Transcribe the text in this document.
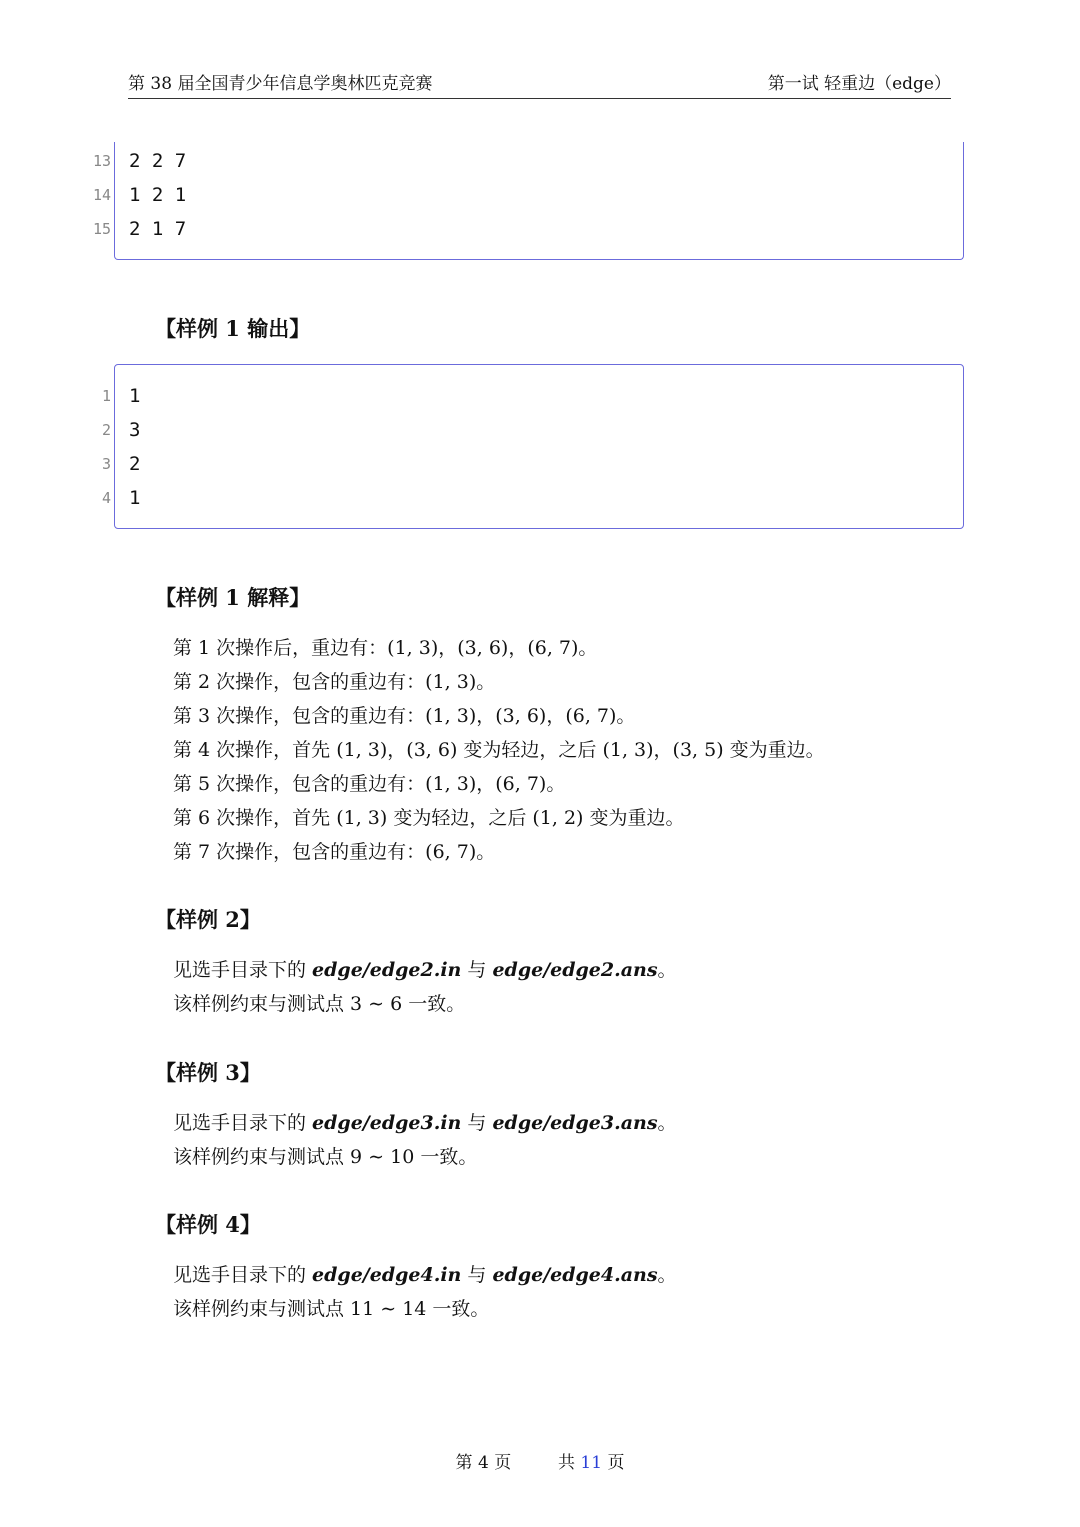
第 38 届全国青少年信息学奥林匹克竞赛	第一试 轻重边（edge）
13 2 2 7
14 1 2 1
15 2 1 7
【样例 1 输出】
1 1
2 3
3 2
4 1
【样例 1 解释】
第 1 次操作后，重边有：(1, 3)，(3, 6)，(6, 7)。
第 2 次操作，包含的重边有：(1, 3)。
第 3 次操作，包含的重边有：(1, 3)，(3, 6)，(6, 7)。
第 4 次操作，首先 (1, 3)，(3, 6) 变为轻边，之后 (1, 3)，(3, 5) 变为重边。
第 5 次操作，包含的重边有：(1, 3)，(6, 7)。
第 6 次操作，首先 (1, 3) 变为轻边，之后 (1, 2) 变为重边。
第 7 次操作，包含的重边有：(6, 7)。
【样例 2】
见选手目录下的 edge/edge2.in 与 edge/edge2.ans。
该样例约束与测试点 3 ∼ 6 一致。
【样例 3】
见选手目录下的 edge/edge3.in 与 edge/edge3.ans。
该样例约束与测试点 9 ∼ 10 一致。
【样例 4】
见选手目录下的 edge/edge4.in 与 edge/edge4.ans。
该样例约束与测试点 11 ∼ 14 一致。
第 4 页	共 11 页
